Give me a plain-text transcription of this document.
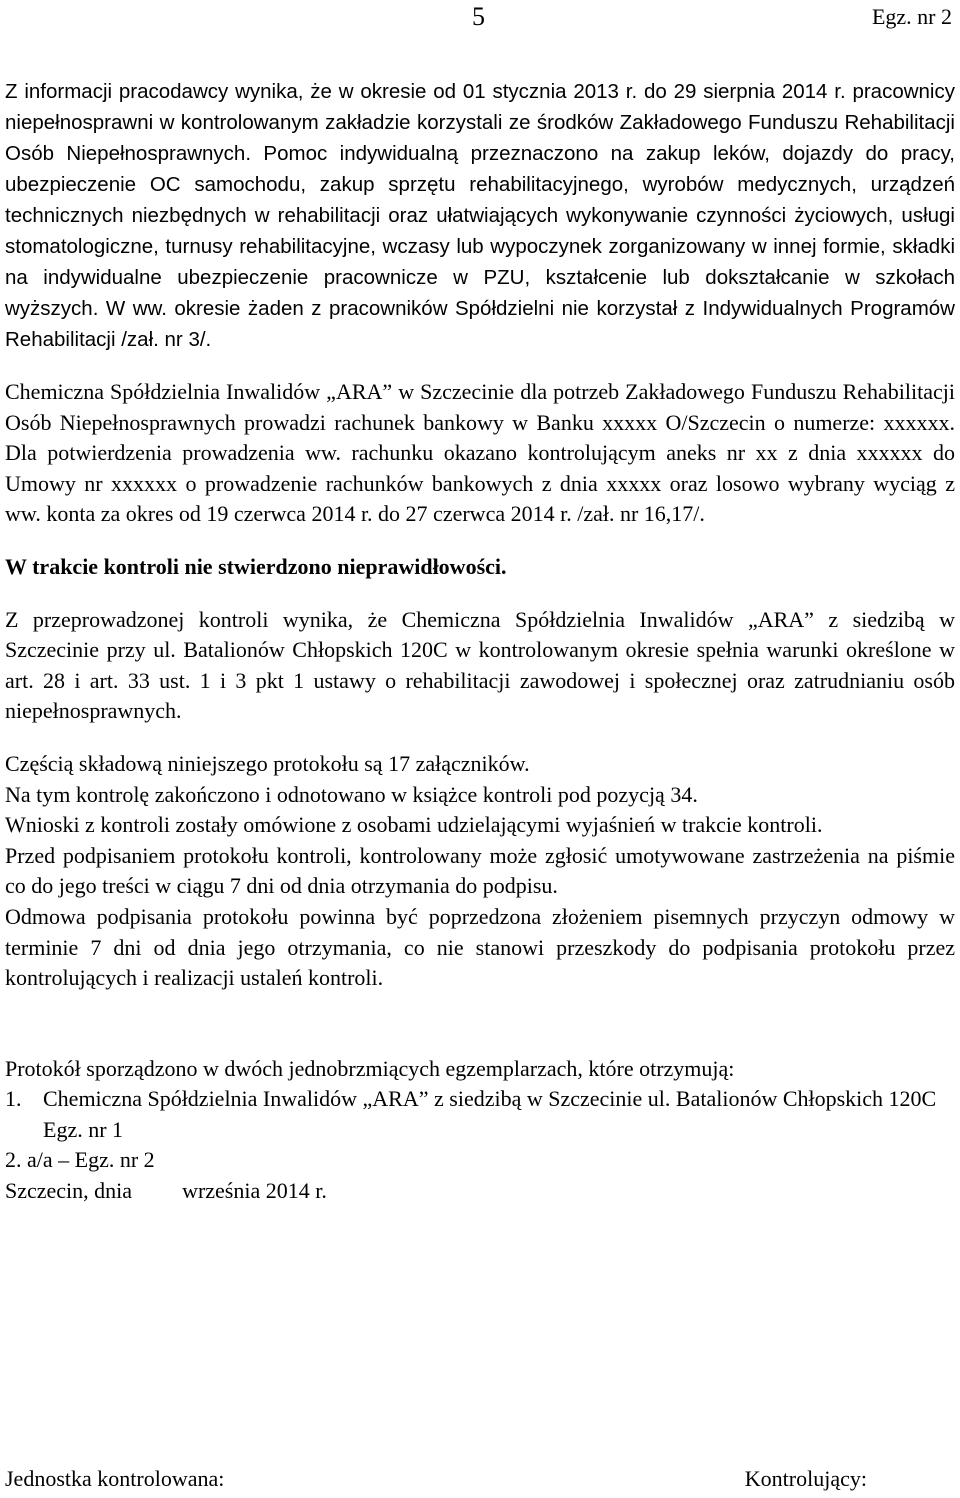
5	Egz. nr 2

Z informacji pracodawcy wynika, że w okresie od 01 stycznia 2013 r. do 29 sierpnia 2014 r. pracownicy niepełnosprawni w kontrolowanym zakładzie korzystali ze środków Zakładowego Funduszu Rehabilitacji Osób Niepełnosprawnych. Pomoc indywidualną przeznaczono na zakup leków, dojazdy do pracy, ubezpieczenie OC samochodu, zakup sprzętu rehabilitacyjnego, wyrobów medycznych, urządzeń technicznych niezbędnych w rehabilitacji oraz ułatwiających wykonywanie czynności życiowych, usługi stomatologiczne, turnusy rehabilitacyjne, wczasy lub wypoczynek zorganizowany w innej formie, składki na indywidualne ubezpieczenie pracownicze w PZU, kształcenie lub dokształcanie w szkołach wyższych. W ww. okresie żaden z pracowników Spółdzielni nie korzystał z Indywidualnych Programów Rehabilitacji /zał. nr 3/.

Chemiczna Spółdzielnia Inwalidów „ARA” w Szczecinie dla potrzeb Zakładowego Funduszu Rehabilitacji Osób Niepełnosprawnych prowadzi rachunek bankowy w Banku xxxxx O/Szczecin o numerze: xxxxxx. Dla potwierdzenia prowadzenia ww. rachunku okazano kontrolującym aneks nr xx z dnia xxxxxx do Umowy nr xxxxxx o prowadzenie rachunków bankowych z dnia xxxxx oraz losowo wybrany wyciąg z ww. konta za okres od 19 czerwca 2014 r. do 27 czerwca 2014 r. /zał. nr 16,17/.

W trakcie kontroli nie stwierdzono nieprawidłowości.

Z przeprowadzonej kontroli wynika, że Chemiczna Spółdzielnia Inwalidów „ARA” z siedzibą w Szczecinie przy ul. Batalionów Chłopskich 120C w kontrolowanym okresie spełnia warunki określone w art. 28 i art. 33 ust. 1 i 3 pkt 1 ustawy o rehabilitacji zawodowej i społecznej oraz zatrudnianiu osób niepełnosprawnych.

Częścią składową niniejszego protokołu są 17 załączników.

Na tym kontrolę zakończono i odnotowano w książce kontroli pod pozycją 34.

Wnioski z kontroli zostały omówione z osobami udzielającymi wyjaśnień w trakcie kontroli.

Przed podpisaniem protokołu kontroli, kontrolowany może zgłosić umotywowane zastrzeżenia na piśmie co do jego treści w ciągu 7 dni od dnia otrzymania do podpisu.

Odmowa podpisania protokołu powinna być poprzedzona złożeniem pisemnych przyczyn odmowy w terminie 7 dni od dnia jego otrzymania, co nie stanowi przeszkody do podpisania protokołu przez kontrolujących i realizacji ustaleń kontroli.

Protokół sporządzono w dwóch jednobrzmiących egzemplarzach, które otrzymują:
1. Chemiczna Spółdzielnia Inwalidów „ARA” z siedzibą w Szczecinie ul. Batalionów Chłopskich 120C Egz. nr 1
2. a/a – Egz. nr 2
Szczecin, dnia września 2014 r.
Jednostka kontrolowana:	Kontrolujący:
